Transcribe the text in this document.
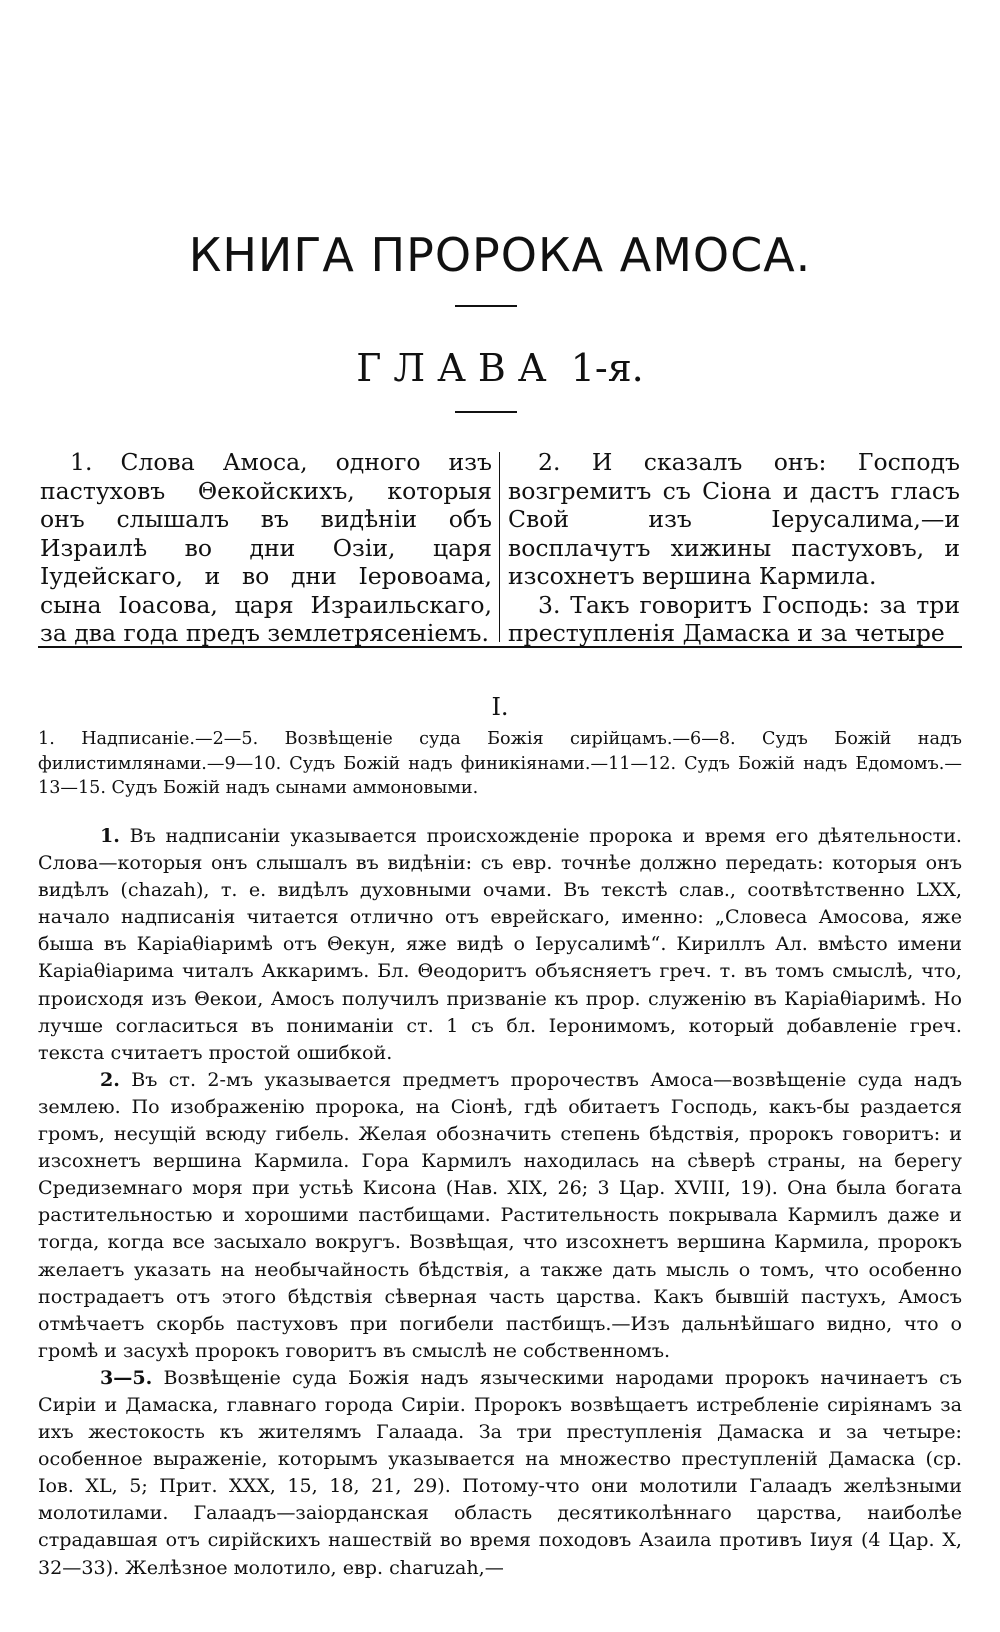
КНИГА ПРОРОКА АМОСА.
ГЛАВА 1-я.

1. Слова Амоса, одного изъ пастуховъ Θекойскихъ, которыя онъ слышалъ въ видѣніи объ Израилѣ во дни Озіи, царя Іудейскаго, и во дни Іеровоама, сына Іоасова, царя Израильскаго, за два года предъ землетрясеніемъ.

2. И сказалъ онъ: Господъ возгремитъ съ Сіона и дастъ гласъ Свой изъ Іерусалима,—и восплачутъ хижины пастуховъ, и изсохнетъ вершина Кармила.

3. Такъ говоритъ Господь: за три преступленія Дамаска и за четыре

I.

1. Надписаніе.—2—5. Возвѣщеніе суда Божія сирійцамъ.—6—8. Судъ Божій надъ филистимлянами.—9—10. Судъ Божій надъ финикіянами.—11—12. Судъ Божій надъ Едомомъ.—13—15. Судъ Божій надъ сынами аммоновыми.

1. Въ надписаніи указывается происхожденіе пророка и время его дѣятельности. Слова—которыя онъ слышалъ въ видѣніи: съ евр. точнѣе должно передать: которыя онъ видѣлъ (chazah), т. е. видѣлъ духовными очами. Въ текстѣ слав., соотвѣтственно LXX, начало надписанія читается отлично отъ еврейскаго, именно: „Словеса Амосова, яже быша въ Каріаθіаримѣ отъ Θекун, яже видѣ о Іерусалимѣ“. Кириллъ Ал. вмѣсто имени Каріаθіарима читалъ Аккаримъ. Бл. Θеодоритъ объясняетъ греч. т. въ томъ смыслѣ, что, происходя изъ Θекои, Амосъ получилъ призваніе къ прор. служенію въ Каріаθіаримѣ. Но лучше согласиться въ пониманіи ст. 1 съ бл. Іеронимомъ, который добавленіе греч. текста считаетъ простой ошибкой.

2. Въ ст. 2-мъ указывается предметъ пророчествъ Амоса—возвѣщеніе суда надъ землею. По изображенію пророка, на Сіонѣ, гдѣ обитаетъ Господь, какъ-бы раздается громъ, несущій всюду гибель. Желая обозначить степень бѣдствія, пророкъ говоритъ: и изсохнетъ вершина Кармила. Гора Кармилъ находилась на сѣверѣ страны, на берегу Средиземнаго моря при устьѣ Кисона (Нав. XIX, 26; 3 Цар. XVIII, 19). Она была богата растительностью и хорошими пастбищами. Растительность покрывала Кармилъ даже и тогда, когда все засыхало вокругъ. Возвѣщая, что изсохнетъ вершина Кармила, пророкъ желаетъ указать на необычайность бѣдствія, а также дать мысль о томъ, что особенно пострадаетъ отъ этого бѣдствія сѣверная часть царства. Какъ бывшій пастухъ, Амосъ отмѣчаетъ скорбь пастуховъ при погибели пастбищъ.—Изъ дальнѣйшаго видно, что о громѣ и засухѣ пророкъ говоритъ въ смыслѣ не собственномъ.

3—5. Возвѣщеніе суда Божія надъ языческими народами пророкъ начинаетъ съ Сиріи и Дамаска, главнаго города Сиріи. Пророкъ возвѣщаетъ истребленіе сиріянамъ за ихъ жестокость къ жителямъ Галаада. За три преступленія Дамаска и за четыре: особенное выраженіе, которымъ указывается на множество преступленій Дамаска (ср. Іов. XL, 5; Прит. XXX, 15, 18, 21, 29). Потому-что они молотили Галаадъ желѣзными молотилами. Галаадъ—заіорданская область десятиколѣннаго царства, наиболѣе страдавшая отъ сирійскихъ нашествій во время походовъ Азаила противъ Іиуя (4 Цар. X, 32—33). Желѣзное молотило, евр. charuzah,—
